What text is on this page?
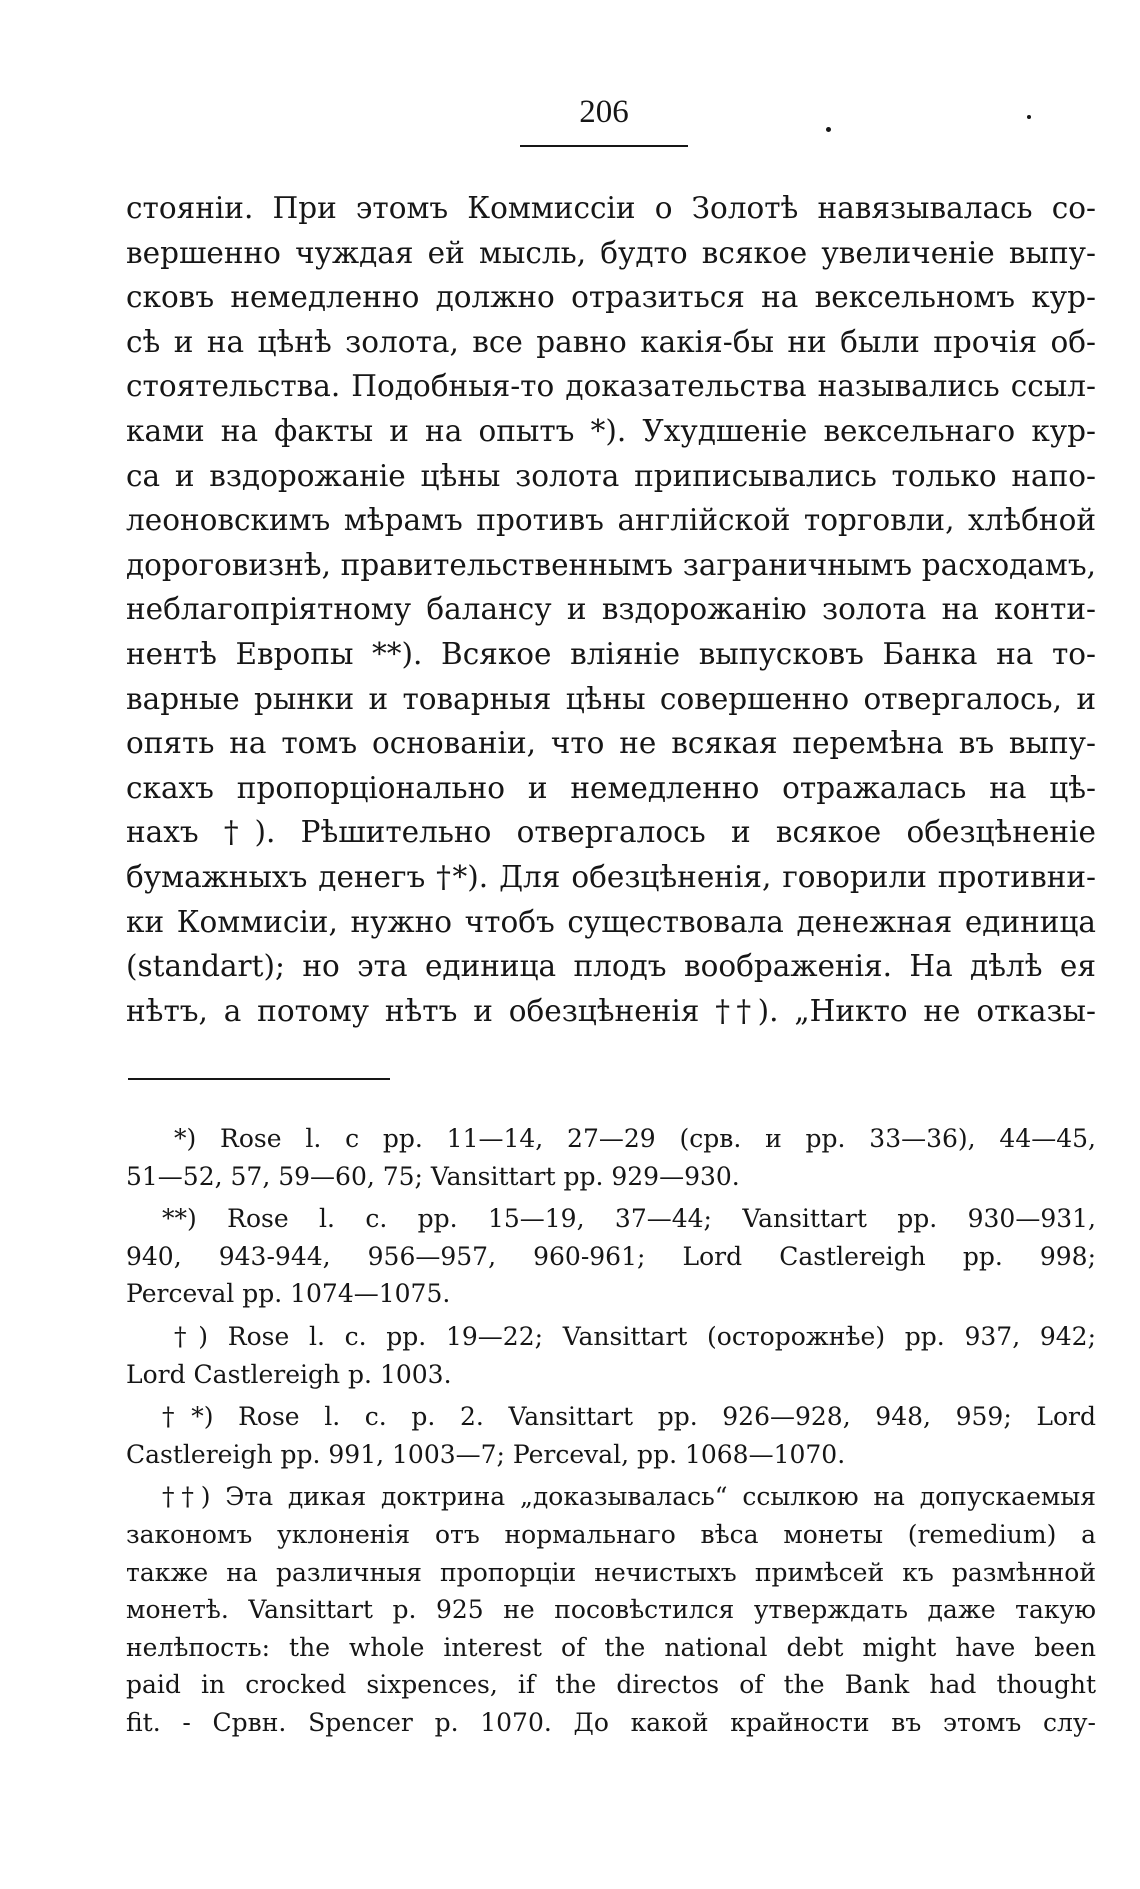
206
стоянiи. При этомъ Коммиссiи о Золотѣ навязывалась со-
вершенно чуждая ей мысль, будто всякое увеличенiе выпу-
сковъ немедленно должно отразиться на вексельномъ кур-
сѣ и на цѣнѣ золота, все равно какiя-бы ни были прочiя об-
стоятельства. Подобныя-то доказательства назывались ссыл-
ками на факты и на опытъ *). Ухудшенiе вексельнаго кур-
са и вздорожанiе цѣны золота приписывались только напо-
леоновскимъ мѣрамъ противъ англiйской торговли, хлѣбной
дороговизнѣ, правительственнымъ заграничнымъ расходамъ,
неблагопрiятному балансу и вздорожанiю золота на конти-
нентѣ Европы **). Всякое влiянiе выпусковъ Банка на то-
варные рынки и товарныя цѣны совершенно отвергалось, и
опять на томъ основанiи, что не всякая перемѣна въ выпу-
скахъ пропорцiонально и немедленно отражалась на цѣ-
нахъ †). Рѣшительно отвергалось и всякое обезцѣненiе
бумажныхъ денегъ †*). Для обезцѣненiя, говорили противни-
ки Коммисiи, нужно чтобъ существовала денежная единица
(standart); но эта единица плодъ воображенiя. На дѣлѣ ея
нѣтъ, а потому нѣтъ и обезцѣненiя ††). „Никто не отказы-
*) Rose l. c pp. 11—14, 27—29 (срв. и pp. 33—36), 44—45,
51—52, 57, 59—60, 75; Vansittart pp. 929—930.
**) Rose l. c. pp. 15—19, 37—44; Vansittart pp. 930—931,
940, 943-944, 956—957, 960-961; Lord Castlereigh pp. 998;
Perceval pp. 1074—1075.
†) Rose l. c. pp. 19—22; Vansittart (осторожнѣе) pp. 937, 942;
Lord Castlereigh p. 1003.
†*) Rose l. c. p. 2. Vansittart pp. 926—928, 948, 959; Lord
Castlereigh pp. 991, 1003—7; Perceval, pp. 1068—1070.
††) Эта дикая доктрина „доказывалась“ ссылкою на допускаемыя
закономъ уклоненiя отъ нормальнаго вѣса монеты (remedium) а
также на различныя пропорцiи нечистыхъ примѣсей къ размѣнной
монетѣ. Vansittart p. 925 не посовѣстился утверждать даже такую
нелѣпость: the whole interest of the national debt might have been
paid in crocked sixpences, if the directos of the Bank had thought
fit. - Срвн. Spencer p. 1070. До какой крайности въ этомъ слу-
